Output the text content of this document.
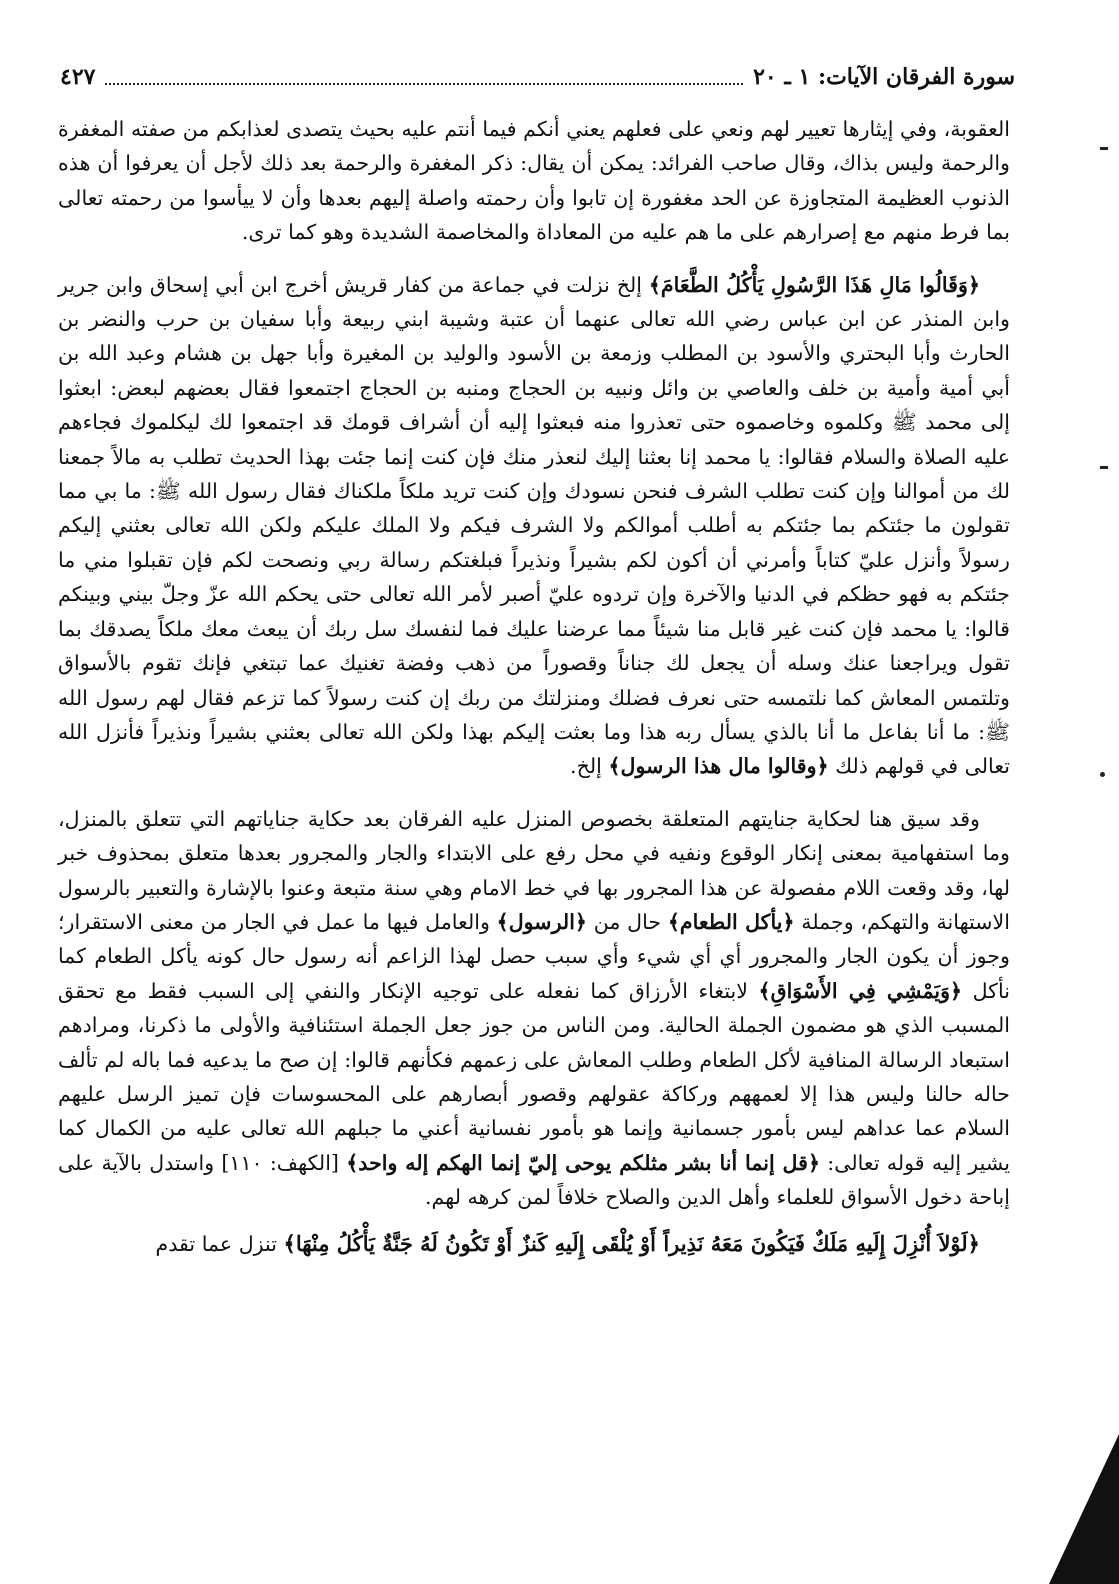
سورة الفرقان الآيات: ١ ـ ٢٠
٤٢٧

العقوبة، وفي إيثارها تعيير لهم ونعي على فعلهم يعني أنكم فيما أنتم عليه بحيث يتصدى لعذابكم من صفته المغفرة والرحمة وليس بذاك، وقال صاحب الفرائد: يمكن أن يقال: ذكر المغفرة والرحمة بعد ذلك لأجل أن يعرفوا أن هذه الذنوب العظيمة المتجاوزة عن الحد مغفورة إن تابوا وأن رحمته واصلة إليهم بعدها وأن لا ييأسوا من رحمته تعالى بما فرط منهم مع إصرارهم على ما هم عليه من المعاداة والمخاصمة الشديدة وهو كما ترى.

﴿وَقَالُوا مَالِ هَذَا الرَّسُولِ يَأْكُلُ الطَّعَامَ﴾ إلخ نزلت في جماعة من كفار قريش أخرج ابن أبي إسحاق وابن جرير وابن المنذر عن ابن عباس رضي الله تعالى عنهما أن عتبة وشيبة ابني ربيعة وأبا سفيان بن حرب والنضر بن الحارث وأبا البحتري والأسود بن المطلب وزمعة بن الأسود والوليد بن المغيرة وأبا جهل بن هشام وعبد الله بن أبي أمية وأمية بن خلف والعاصي بن وائل ونبيه بن الحجاج ومنبه بن الحجاج اجتمعوا فقال بعضهم لبعض: ابعثوا إلى محمد ﷺ وكلموه وخاصموه حتى تعذروا منه فبعثوا إليه أن أشراف قومك قد اجتمعوا لك ليكلموك فجاءهم عليه الصلاة والسلام فقالوا: يا محمد إنا بعثنا إليك لنعذر منك فإن كنت إنما جئت بهذا الحديث تطلب به مالاً جمعنا لك من أموالنا وإن كنت تطلب الشرف فنحن نسودك وإن كنت تريد ملكاً ملكناك فقال رسول الله ﷺ: ما بي مما تقولون ما جئتكم بما جئتكم به أطلب أموالكم ولا الشرف فيكم ولا الملك عليكم ولكن الله تعالى بعثني إليكم رسولاً وأنزل عليّ كتاباً وأمرني أن أكون لكم بشيراً ونذيراً فبلغتكم رسالة ربي ونصحت لكم فإن تقبلوا مني ما جئتكم به فهو حظكم في الدنيا والآخرة وإن تردوه عليّ أصبر لأمر الله تعالى حتى يحكم الله عزّ وجلّ بيني وبينكم قالوا: يا محمد فإن كنت غير قابل منا شيئاً مما عرضنا عليك فما لنفسك سل ربك أن يبعث معك ملكاً يصدقك بما تقول ويراجعنا عنك وسله أن يجعل لك جناناً وقصوراً من ذهب وفضة تغنيك عما تبتغي فإنك تقوم بالأسواق وتلتمس المعاش كما نلتمسه حتى نعرف فضلك ومنزلتك من ربك إن كنت رسولاً كما تزعم فقال لهم رسول الله ﷺ: ما أنا بفاعل ما أنا بالذي يسأل ربه هذا وما بعثت إليكم بهذا ولكن الله تعالى بعثني بشيراً ونذيراً فأنزل الله تعالى في قولهم ذلك ﴿وقالوا مال هذا الرسول﴾ إلخ.

وقد سيق هنا لحكاية جنايتهم المتعلقة بخصوص المنزل عليه الفرقان بعد حكاية جناياتهم التي تتعلق بالمنزل، وما استفهامية بمعنى إنكار الوقوع ونفيه في محل رفع على الابتداء والجار والمجرور بعدها متعلق بمحذوف خبر لها، وقد وقعت اللام مفصولة عن هذا المجرور بها في خط الامام وهي سنة متبعة وعنوا بالإشارة والتعبير بالرسول الاستهانة والتهكم، وجملة ﴿يأكل الطعام﴾ حال من ﴿الرسول﴾ والعامل فيها ما عمل في الجار من معنى الاستقرار؛ وجوز أن يكون الجار والمجرور أي أي شيء وأي سبب حصل لهذا الزاعم أنه رسول حال كونه يأكل الطعام كما نأكل ﴿وَيَمْشِي فِي الأَسْوَاقِ﴾ لابتغاء الأرزاق كما نفعله على توجيه الإنكار والنفي إلى السبب فقط مع تحقق المسبب الذي هو مضمون الجملة الحالية. ومن الناس من جوز جعل الجملة استئنافية والأولى ما ذكرنا، ومرادهم استبعاد الرسالة المنافية لأكل الطعام وطلب المعاش على زعمهم فكأنهم قالوا: إن صح ما يدعيه فما باله لم تألف حاله حالنا وليس هذا إلا لعمههم وركاكة عقولهم وقصور أبصارهم على المحسوسات فإن تميز الرسل عليهم السلام عما عداهم ليس بأمور جسمانية وإنما هو بأمور نفسانية أعني ما جبلهم الله تعالى عليه من الكمال كما يشير إليه قوله تعالى: ﴿قل إنما أنا بشر مثلكم يوحى إليّ إنما الهكم إله واحد﴾ [الكهف: ١١٠] واستدل بالآية على إباحة دخول الأسواق للعلماء وأهل الدين والصلاح خلافاً لمن كرهه لهم.

﴿لَوْلاَ أُنْزِلَ إِلَيهِ مَلَكٌ فَيَكُونَ مَعَهُ نَذِيراً أَوْ يُلْقَى إِلَيهِ كَنزٌ أَوْ تَكُونُ لَهُ جَنَّةٌ يَأْكُلُ مِنْهَا﴾ تنزل عما تقدم
